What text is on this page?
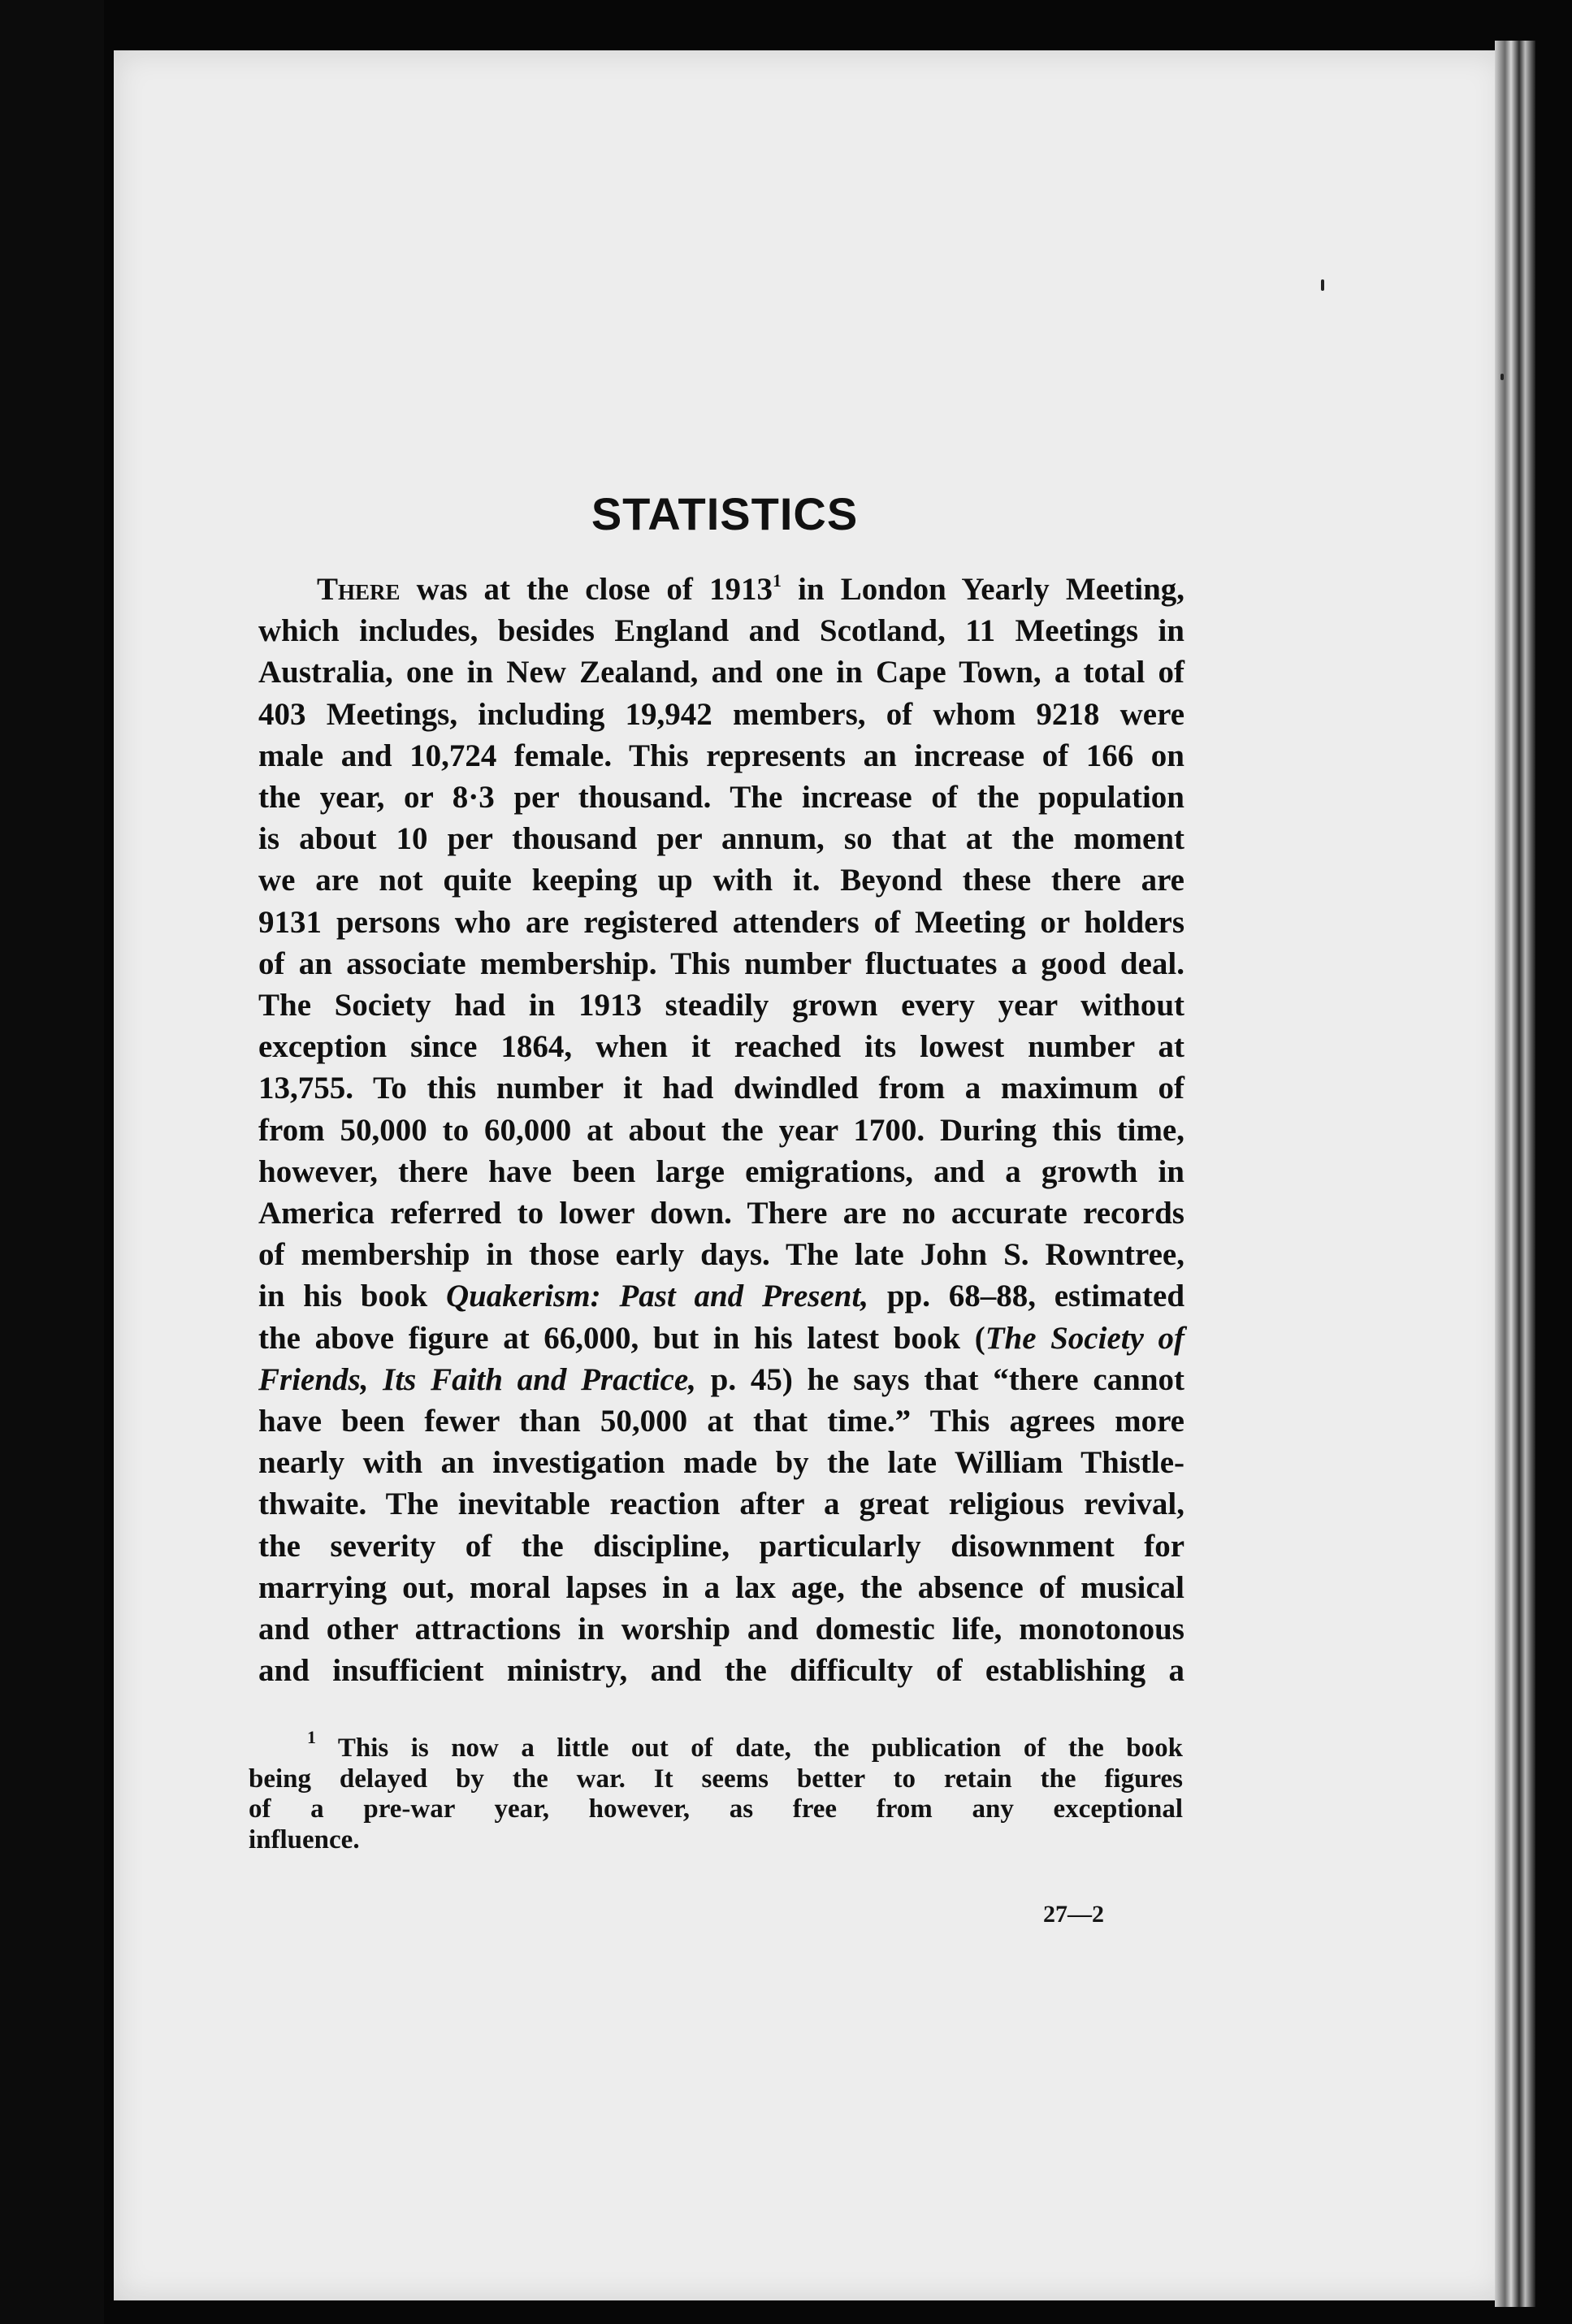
STATISTICS
There was at the close of 1913$^1$ in London Yearly Meeting,
which includes, besides England and Scotland, 11 Meetings in
Australia, one in New Zealand, and one in Cape Town, a total of
403 Meetings, including 19,942 members, of whom 9218 were
male and 10,724 female. This represents an increase of 166 on
the year, or 8·3 per thousand. The increase of the population
is about 10 per thousand per annum, so that at the moment
we are not quite keeping up with it. Beyond these there are
9131 persons who are registered attenders of Meeting or holders
of an associate membership. This number fluctuates a good deal.
The Society had in 1913 steadily grown every year without
exception since 1864, when it reached its lowest number at
13,755. To this number it had dwindled from a maximum of
from 50,000 to 60,000 at about the year 1700. During this time,
however, there have been large emigrations, and a growth in
America referred to lower down. There are no accurate records
of membership in those early days. The late John S. Rowntree,
in his book Quakerism: Past and Present, pp. 68–88, estimated
the above figure at 66,000, but in his latest book (The Society of
Friends, Its Faith and Practice, p. 45) he says that “there cannot
have been fewer than 50,000 at that time.” This agrees more
nearly with an investigation made by the late William Thistle-
thwaite. The inevitable reaction after a great religious revival,
the severity of the discipline, particularly disownment for
marrying out, moral lapses in a lax age, the absence of musical
and other attractions in worship and domestic life, monotonous
and insufficient ministry, and the difficulty of establishing a
$^1$ This is now a little out of date, the publication of the book
being delayed by the war. It seems better to retain the figures
of a pre-war year, however, as free from any exceptional
influence.
27—2
